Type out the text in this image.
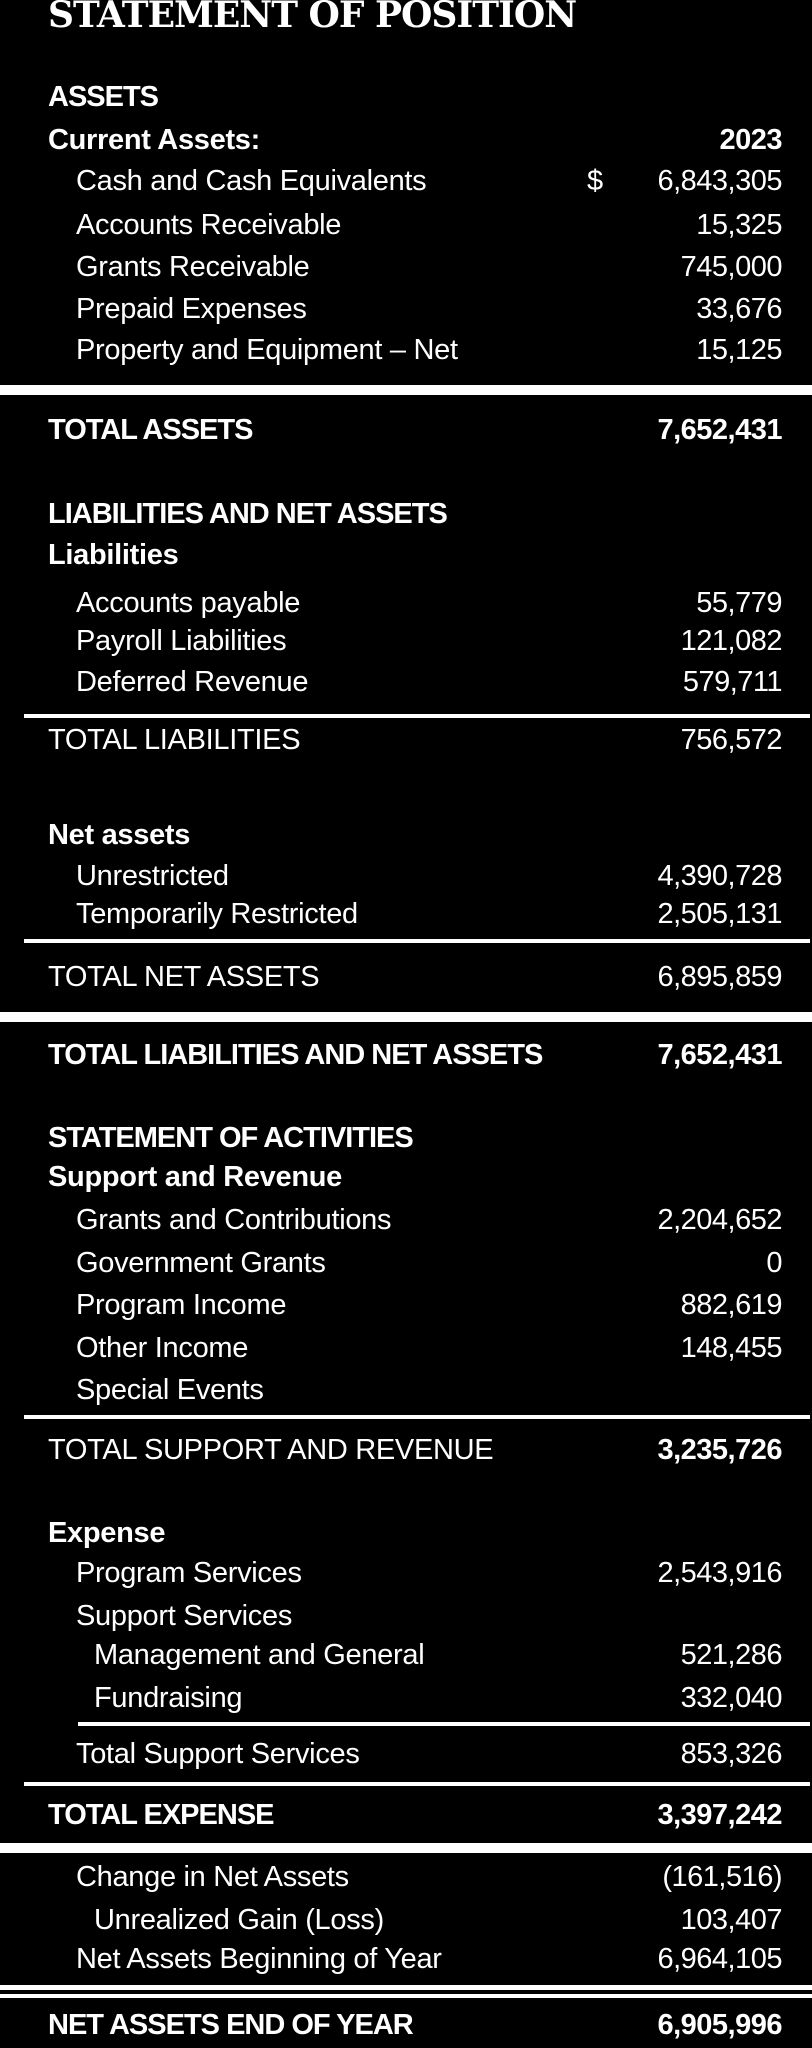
STATEMENT OF POSITION
ASSETS
Current Assets:	2023
Cash and Cash Equivalents	$	6,843,305
Accounts Receivable	15,325
Grants Receivable	745,000
Prepaid Expenses	33,676
Property and Equipment – Net	15,125
TOTAL ASSETS	7,652,431
LIABILITIES AND NET ASSETS
Liabilities
Accounts payable	55,779
Payroll Liabilities	121,082
Deferred Revenue	579,711
TOTAL LIABILITIES	756,572
Net assets
Unrestricted	4,390,728
Temporarily Restricted	2,505,131
TOTAL NET ASSETS	6,895,859
TOTAL LIABILITIES AND NET ASSETS	7,652,431
STATEMENT OF ACTIVITIES
Support and Revenue
Grants and Contributions	2,204,652
Government Grants	0
Program Income	882,619
Other Income	148,455
Special Events
TOTAL SUPPORT AND REVENUE	3,235,726
Expense
Program Services	2,543,916
Support Services
Management and General	521,286
Fundraising	332,040
Total Support Services	853,326
TOTAL EXPENSE	3,397,242
Change in Net Assets	(161,516)
Unrealized Gain (Loss)	103,407
Net Assets Beginning of Year	6,964,105
NET ASSETS END OF YEAR	6,905,996
